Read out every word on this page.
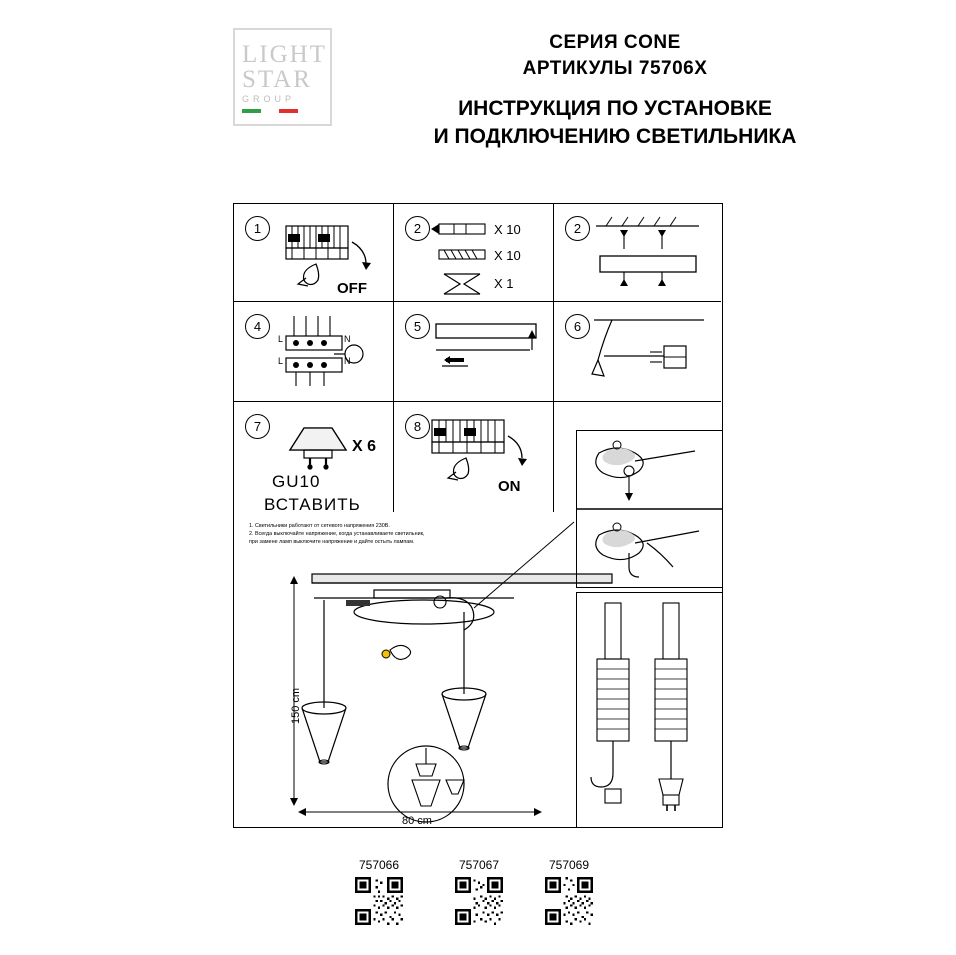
LIGHT
STAR
GROUP
СЕРИЯ CONE
АРТИКУЛЫ 75706X
ИНСТРУКЦИЯ ПО УСТАНОВКЕ
И ПОДКЛЮЧЕНИЮ СВЕТИЛЬНИКА
1
OFF
2	X 10
X 10
X 1
2
4
L
L
N
N
5	6
7
X 6
GU10
ВСТАВИТЬ
8
ON
1. Светильники работают от сетевого напряжения 230В.
2. Всегда выключайте напряжение, когда устанавливаете светильник,
при замене ламп выключите напряжение и дайте остыть лампам.
150 cm
80 cm
757066	757067	757069
